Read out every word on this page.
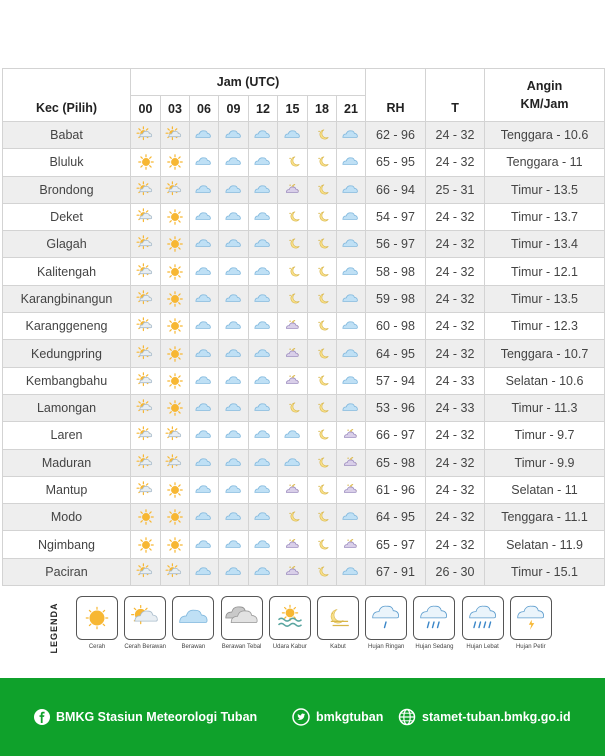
Kec (Pilih)	Jam (UTC)								RH	T	Angin
KM/Jam

	00	03	06	09	12	15	18	21			
Babat									62 - 96	24 - 32	Tenggara - 10.6
Bluluk									65 - 95	24 - 32	Tenggara - 11
Brondong									66 - 94	25 - 31	Timur - 13.5
Deket									54 - 97	24 - 32	Timur - 13.7
Glagah									56 - 97	24 - 32	Timur - 13.4
Kalitengah									58 - 98	24 - 32	Timur - 12.1
Karangbinangun									59 - 98	24 - 32	Timur - 13.5
Karanggeneng									60 - 98	24 - 32	Timur - 12.3
Kedungpring									64 - 95	24 - 32	Tenggara - 10.7
Kembangbahu									57 - 94	24 - 33	Selatan - 10.6
Lamongan									53 - 96	24 - 33	Timur - 11.3
Laren									66 - 97	24 - 32	Timur - 9.7
Maduran									65 - 98	24 - 32	Timur - 9.9
Mantup									61 - 96	24 - 32	Selatan - 11
Modo									64 - 95	24 - 32	Tenggara - 11.1
Ngimbang									65 - 97	24 - 32	Selatan - 11.9
Paciran									67 - 91	26 - 30	Timur - 15.1
LEGENDA	Cerah	Cerah Berawan	Berawan	Berawan Tebal	Udara Kabur	Kabut	Hujan Ringan	Hujan Sedang	Hujan Lebat	Hujan Petir
BMKG Stasiun Meteorologi Tuban	bmkgtuban	stamet-tuban.bmkg.go.id
